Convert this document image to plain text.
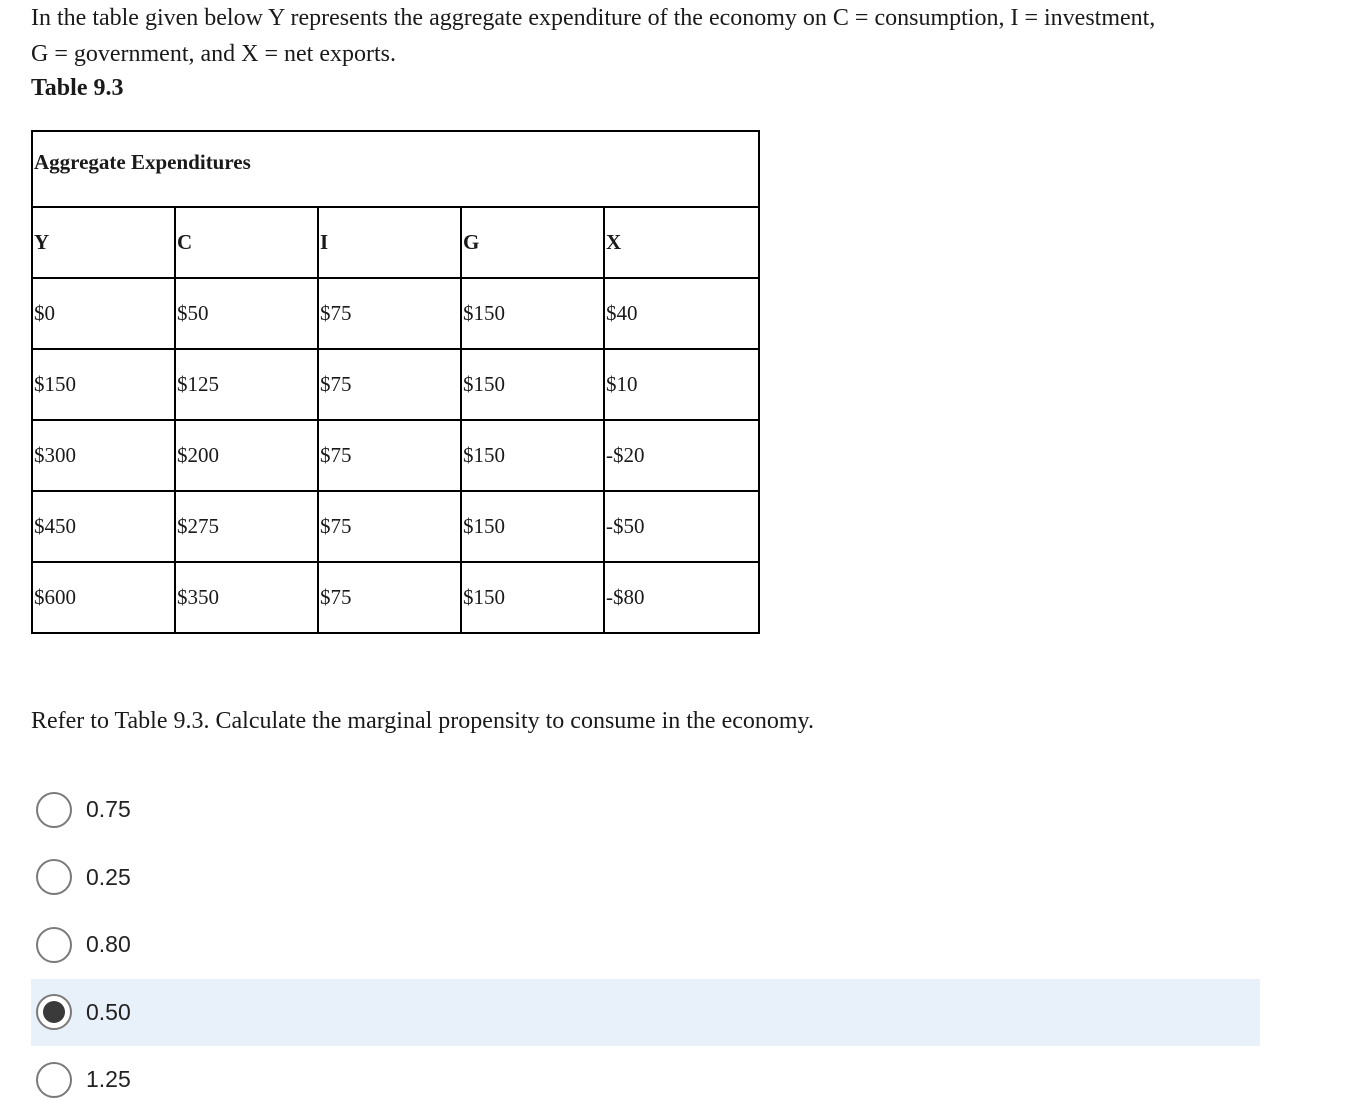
In the table given below Y represents the aggregate expenditure of the economy on C = consumption, I = investment,

G = government, and X = net exports.

Table 9.3
Aggregate Expenditures				
Y	C	I	G	X
$0	$50	$75	$150	$40
$150	$125	$75	$150	$10
$300	$200	$75	$150	-$20
$450	$275	$75	$150	-$50
$600	$350	$75	$150	-$80
Refer to Table 9.3. Calculate the marginal propensity to consume in the economy.
0.75
0.25
0.80
0.50
1.25
